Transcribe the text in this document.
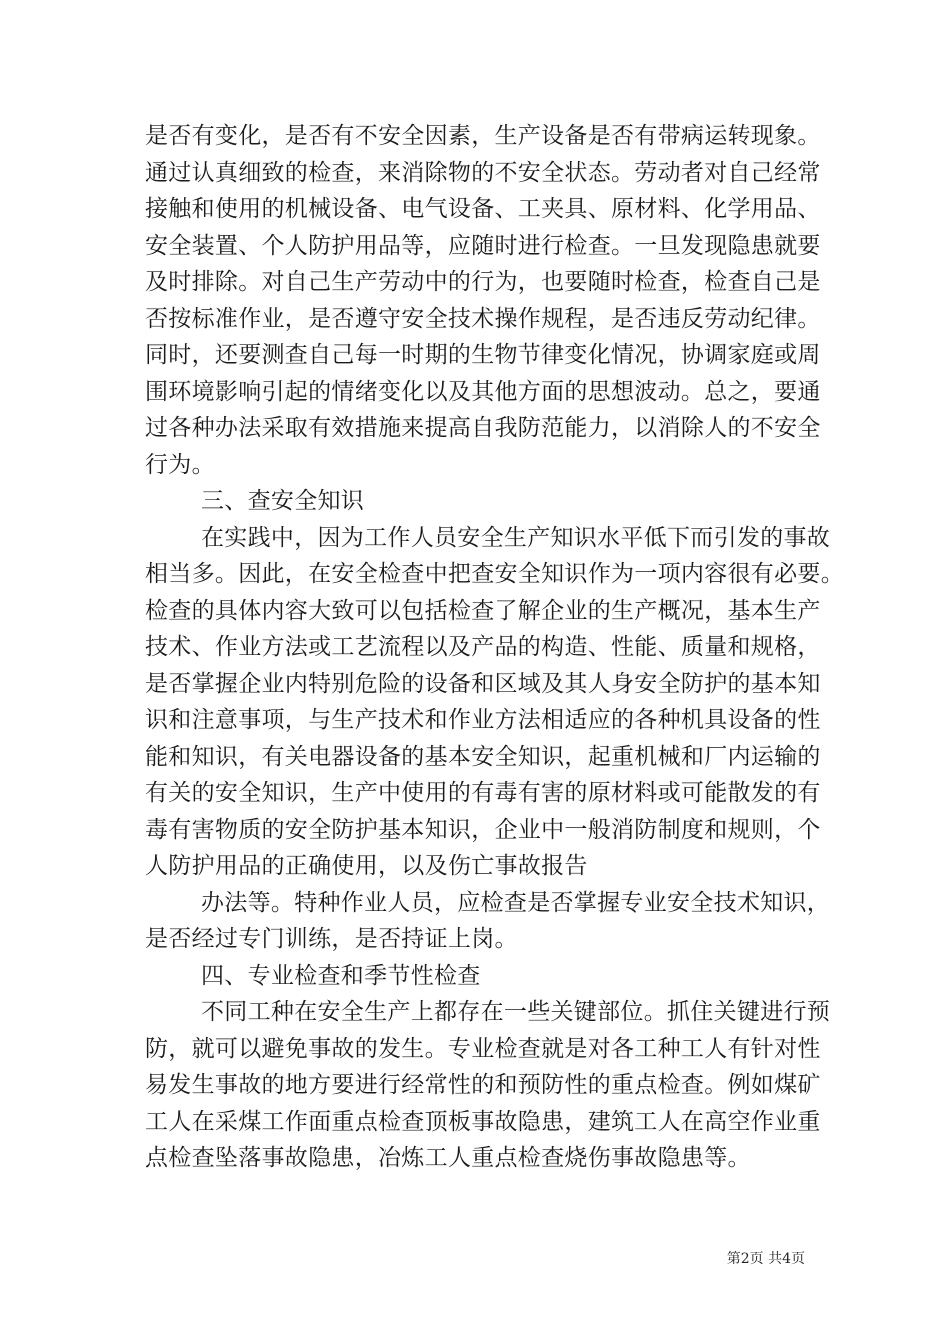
是否有变化，是否有不安全因素，生产设备是否有带病运转现象。
通过认真细致的检查，来消除物的不安全状态。劳动者对自己经常
接触和使用的机械设备、电气设备、工夹具、原材料、化学用品、
安全装置、个人防护用品等，应随时进行检查。一旦发现隐患就要
及时排除。对自己生产劳动中的行为，也要随时检查，检查自己是
否按标准作业，是否遵守安全技术操作规程，是否违反劳动纪律。
同时，还要测查自己每一时期的生物节律变化情况，协调家庭或周
围环境影响引起的情绪变化以及其他方面的思想波动。总之，要通
过各种办法采取有效措施来提高自我防范能力，以消除人的不安全
行为。
三、查安全知识
在实践中，因为工作人员安全生产知识水平低下而引发的事故
相当多。因此，在安全检查中把查安全知识作为一项内容很有必要。
检查的具体内容大致可以包括检查了解企业的生产概况，基本生产
技术、作业方法或工艺流程以及产品的构造、性能、质量和规格，
是否掌握企业内特别危险的设备和区域及其人身安全防护的基本知
识和注意事项，与生产技术和作业方法相适应的各种机具设备的性
能和知识，有关电器设备的基本安全知识，起重机械和厂内运输的
有关的安全知识，生产中使用的有毒有害的原材料或可能散发的有
毒有害物质的安全防护基本知识，企业中一般消防制度和规则，个
人防护用品的正确使用，以及伤亡事故报告
办法等。特种作业人员，应检查是否掌握专业安全技术知识，
是否经过专门训练，是否持证上岗。
四、专业检查和季节性检查
不同工种在安全生产上都存在一些关键部位。抓住关键进行预
防，就可以避免事故的发生。专业检查就是对各工种工人有针对性
易发生事故的地方要进行经常性的和预防性的重点检查。例如煤矿
工人在采煤工作面重点检查顶板事故隐患，建筑工人在高空作业重
点检查坠落事故隐患，冶炼工人重点检查烧伤事故隐患等。
第2页 共4页
